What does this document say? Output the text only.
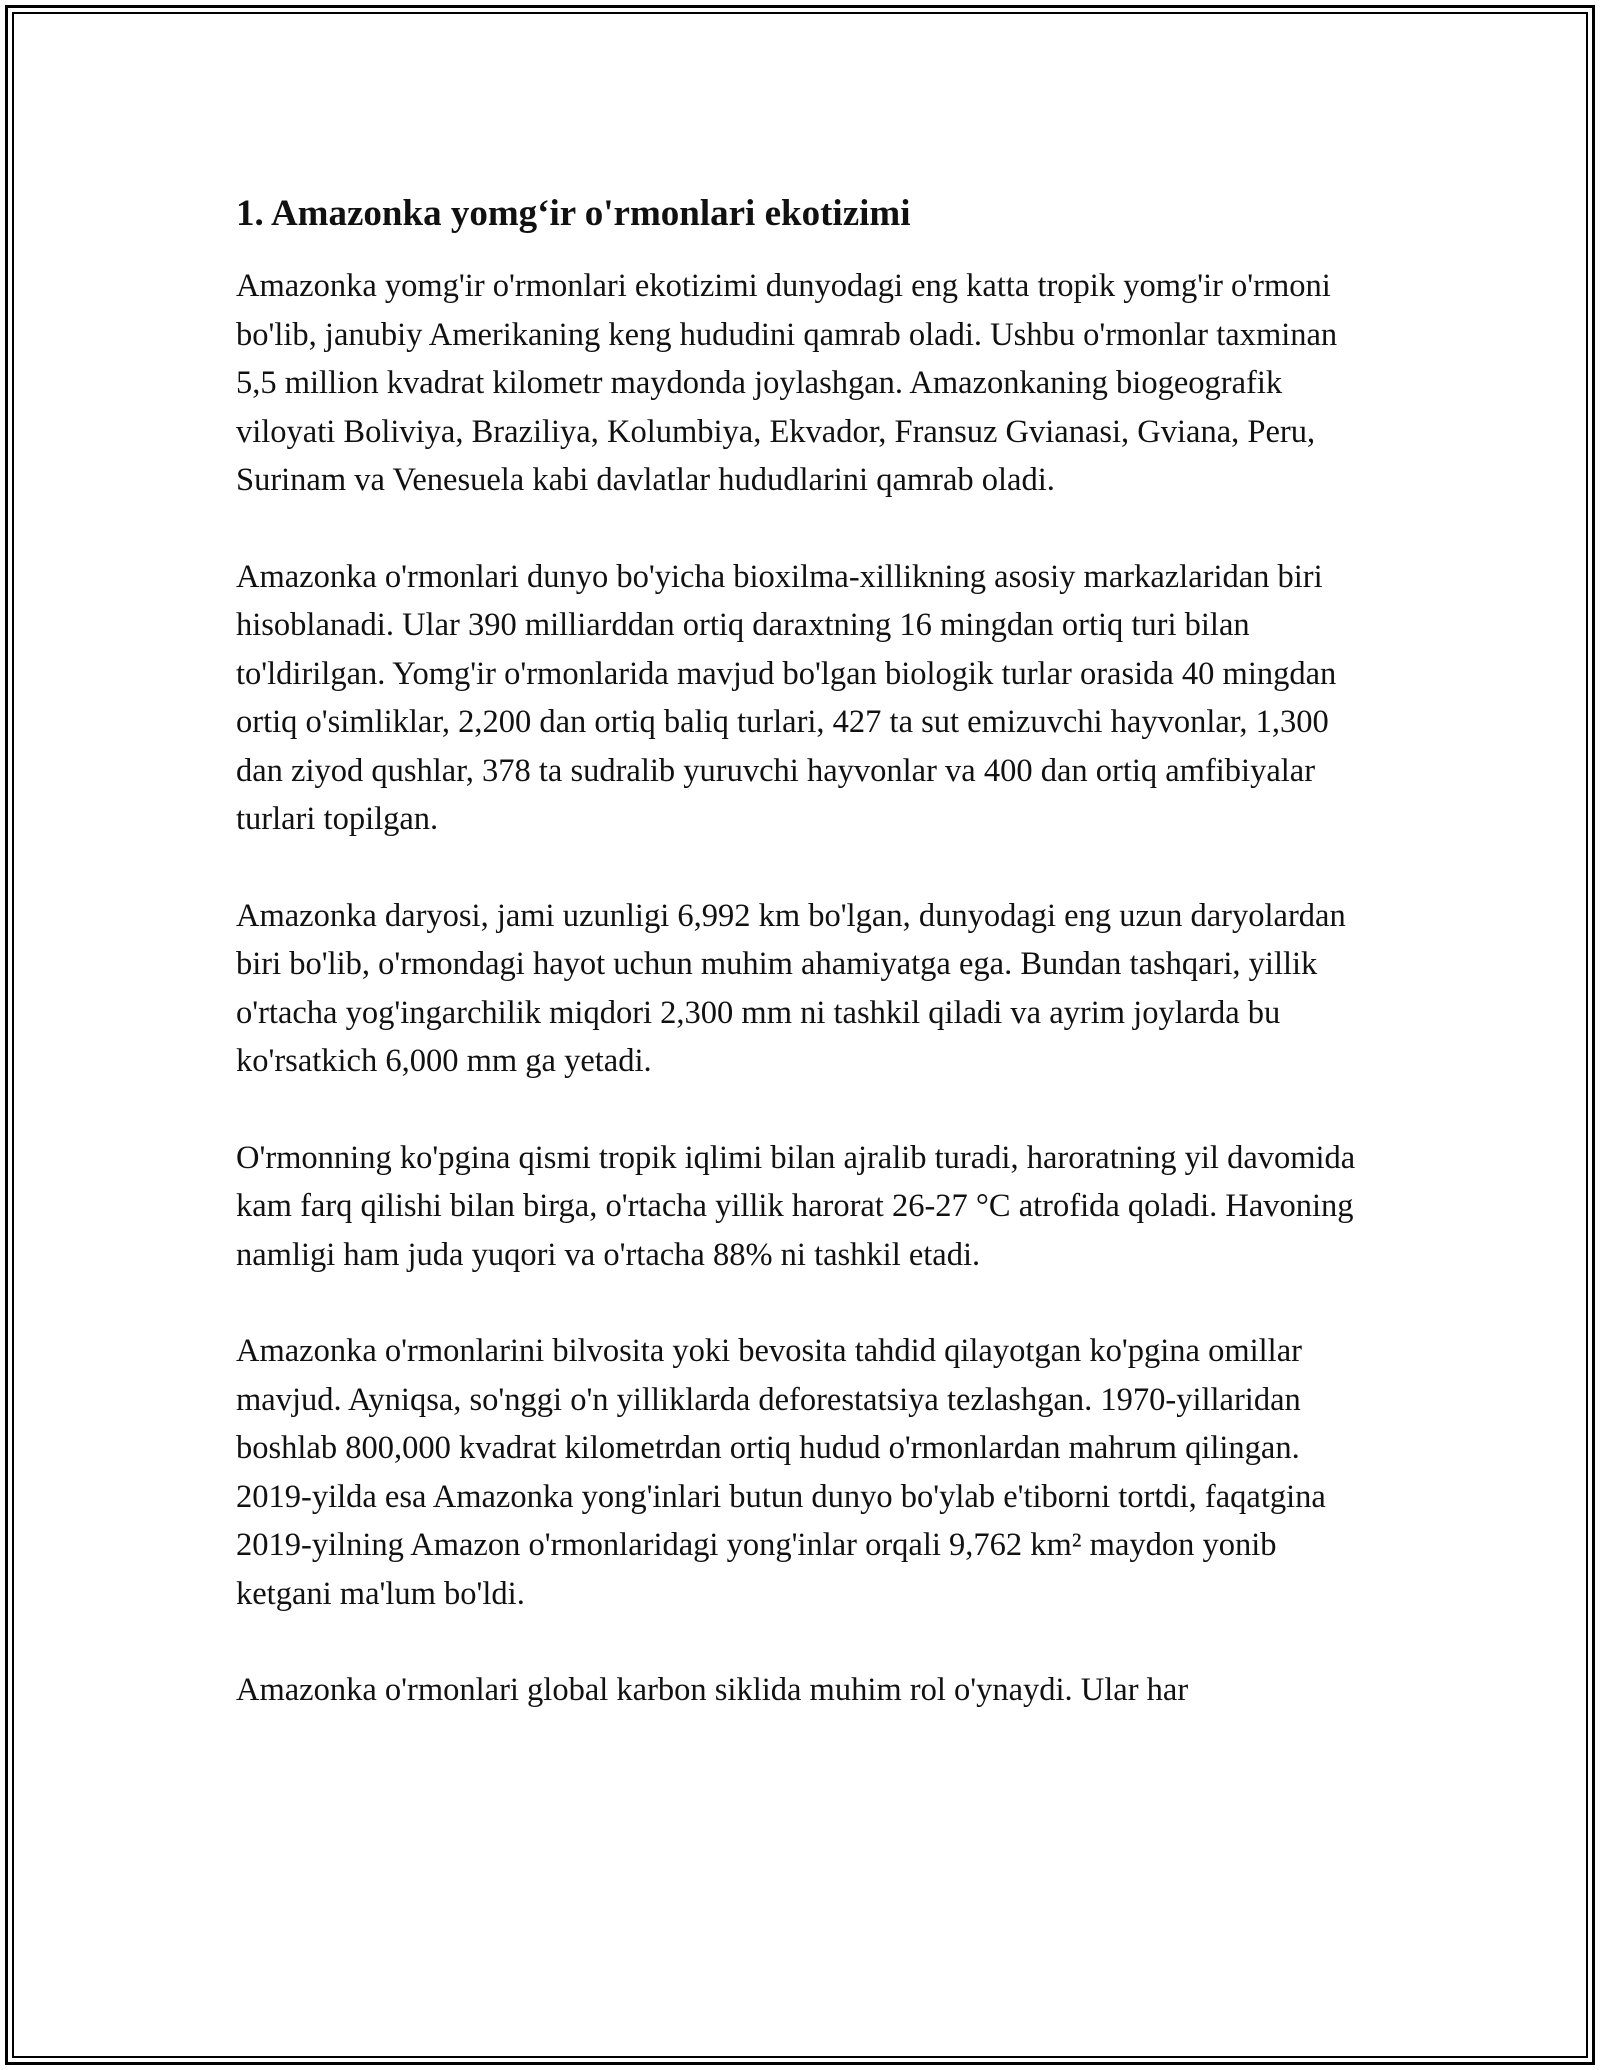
1. Amazonka yomg‘ir o'rmonlari ekotizimi

Amazonka yomg'ir o'rmonlari ekotizimi dunyodagi eng katta tropik yomg'ir o'rmoni bo'lib, janubiy Amerikaning keng hududini qamrab oladi. Ushbu o'rmonlar taxminan 5,5 million kvadrat kilometr maydonda joylashgan. Amazonkaning biogeografik viloyati Boliviya, Braziliya, Kolumbiya, Ekvador, Fransuz Gvianasi, Gviana, Peru, Surinam va Venesuela kabi davlatlar hududlarini qamrab oladi.

Amazonka o'rmonlari dunyo bo'yicha bioxilma-xillikning asosiy markazlaridan biri hisoblanadi. Ular 390 milliarddan ortiq daraxtning 16 mingdan ortiq turi bilan to'ldirilgan. Yomg'ir o'rmonlarida mavjud bo'lgan biologik turlar orasida 40 mingdan ortiq o'simliklar, 2,200 dan ortiq baliq turlari, 427 ta sut emizuvchi hayvonlar, 1,300 dan ziyod qushlar, 378 ta sudralib yuruvchi hayvonlar va 400 dan ortiq amfibiyalar turlari topilgan.

Amazonka daryosi, jami uzunligi 6,992 km bo'lgan, dunyodagi eng uzun daryolardan biri bo'lib, o'rmondagi hayot uchun muhim ahamiyatga ega. Bundan tashqari, yillik o'rtacha yog'ingarchilik miqdori 2,300 mm ni tashkil qiladi va ayrim joylarda bu ko'rsatkich 6,000 mm ga yetadi.

O'rmonning ko'pgina qismi tropik iqlimi bilan ajralib turadi, haroratning yil davomida kam farq qilishi bilan birga, o'rtacha yillik harorat 26-27 °C atrofida qoladi. Havoning namligi ham juda yuqori va o'rtacha 88% ni tashkil etadi.

Amazonka o'rmonlarini bilvosita yoki bevosita tahdid qilayotgan ko'pgina omillar mavjud. Ayniqsa, so'nggi o'n yilliklarda deforestatsiya tezlashgan. 1970-yillaridan boshlab 800,000 kvadrat kilometrdan ortiq hudud o'rmonlardan mahrum qilingan. 2019-yilda esa Amazonka yong'inlari butun dunyo bo'ylab e'tiborni tortdi, faqatgina 2019-yilning Amazon o'rmonlaridagi yong'inlar orqali 9,762 km² maydon yonib ketgani ma'lum bo'ldi.

Amazonka o'rmonlari global karbon siklida muhim rol o'ynaydi. Ular har
